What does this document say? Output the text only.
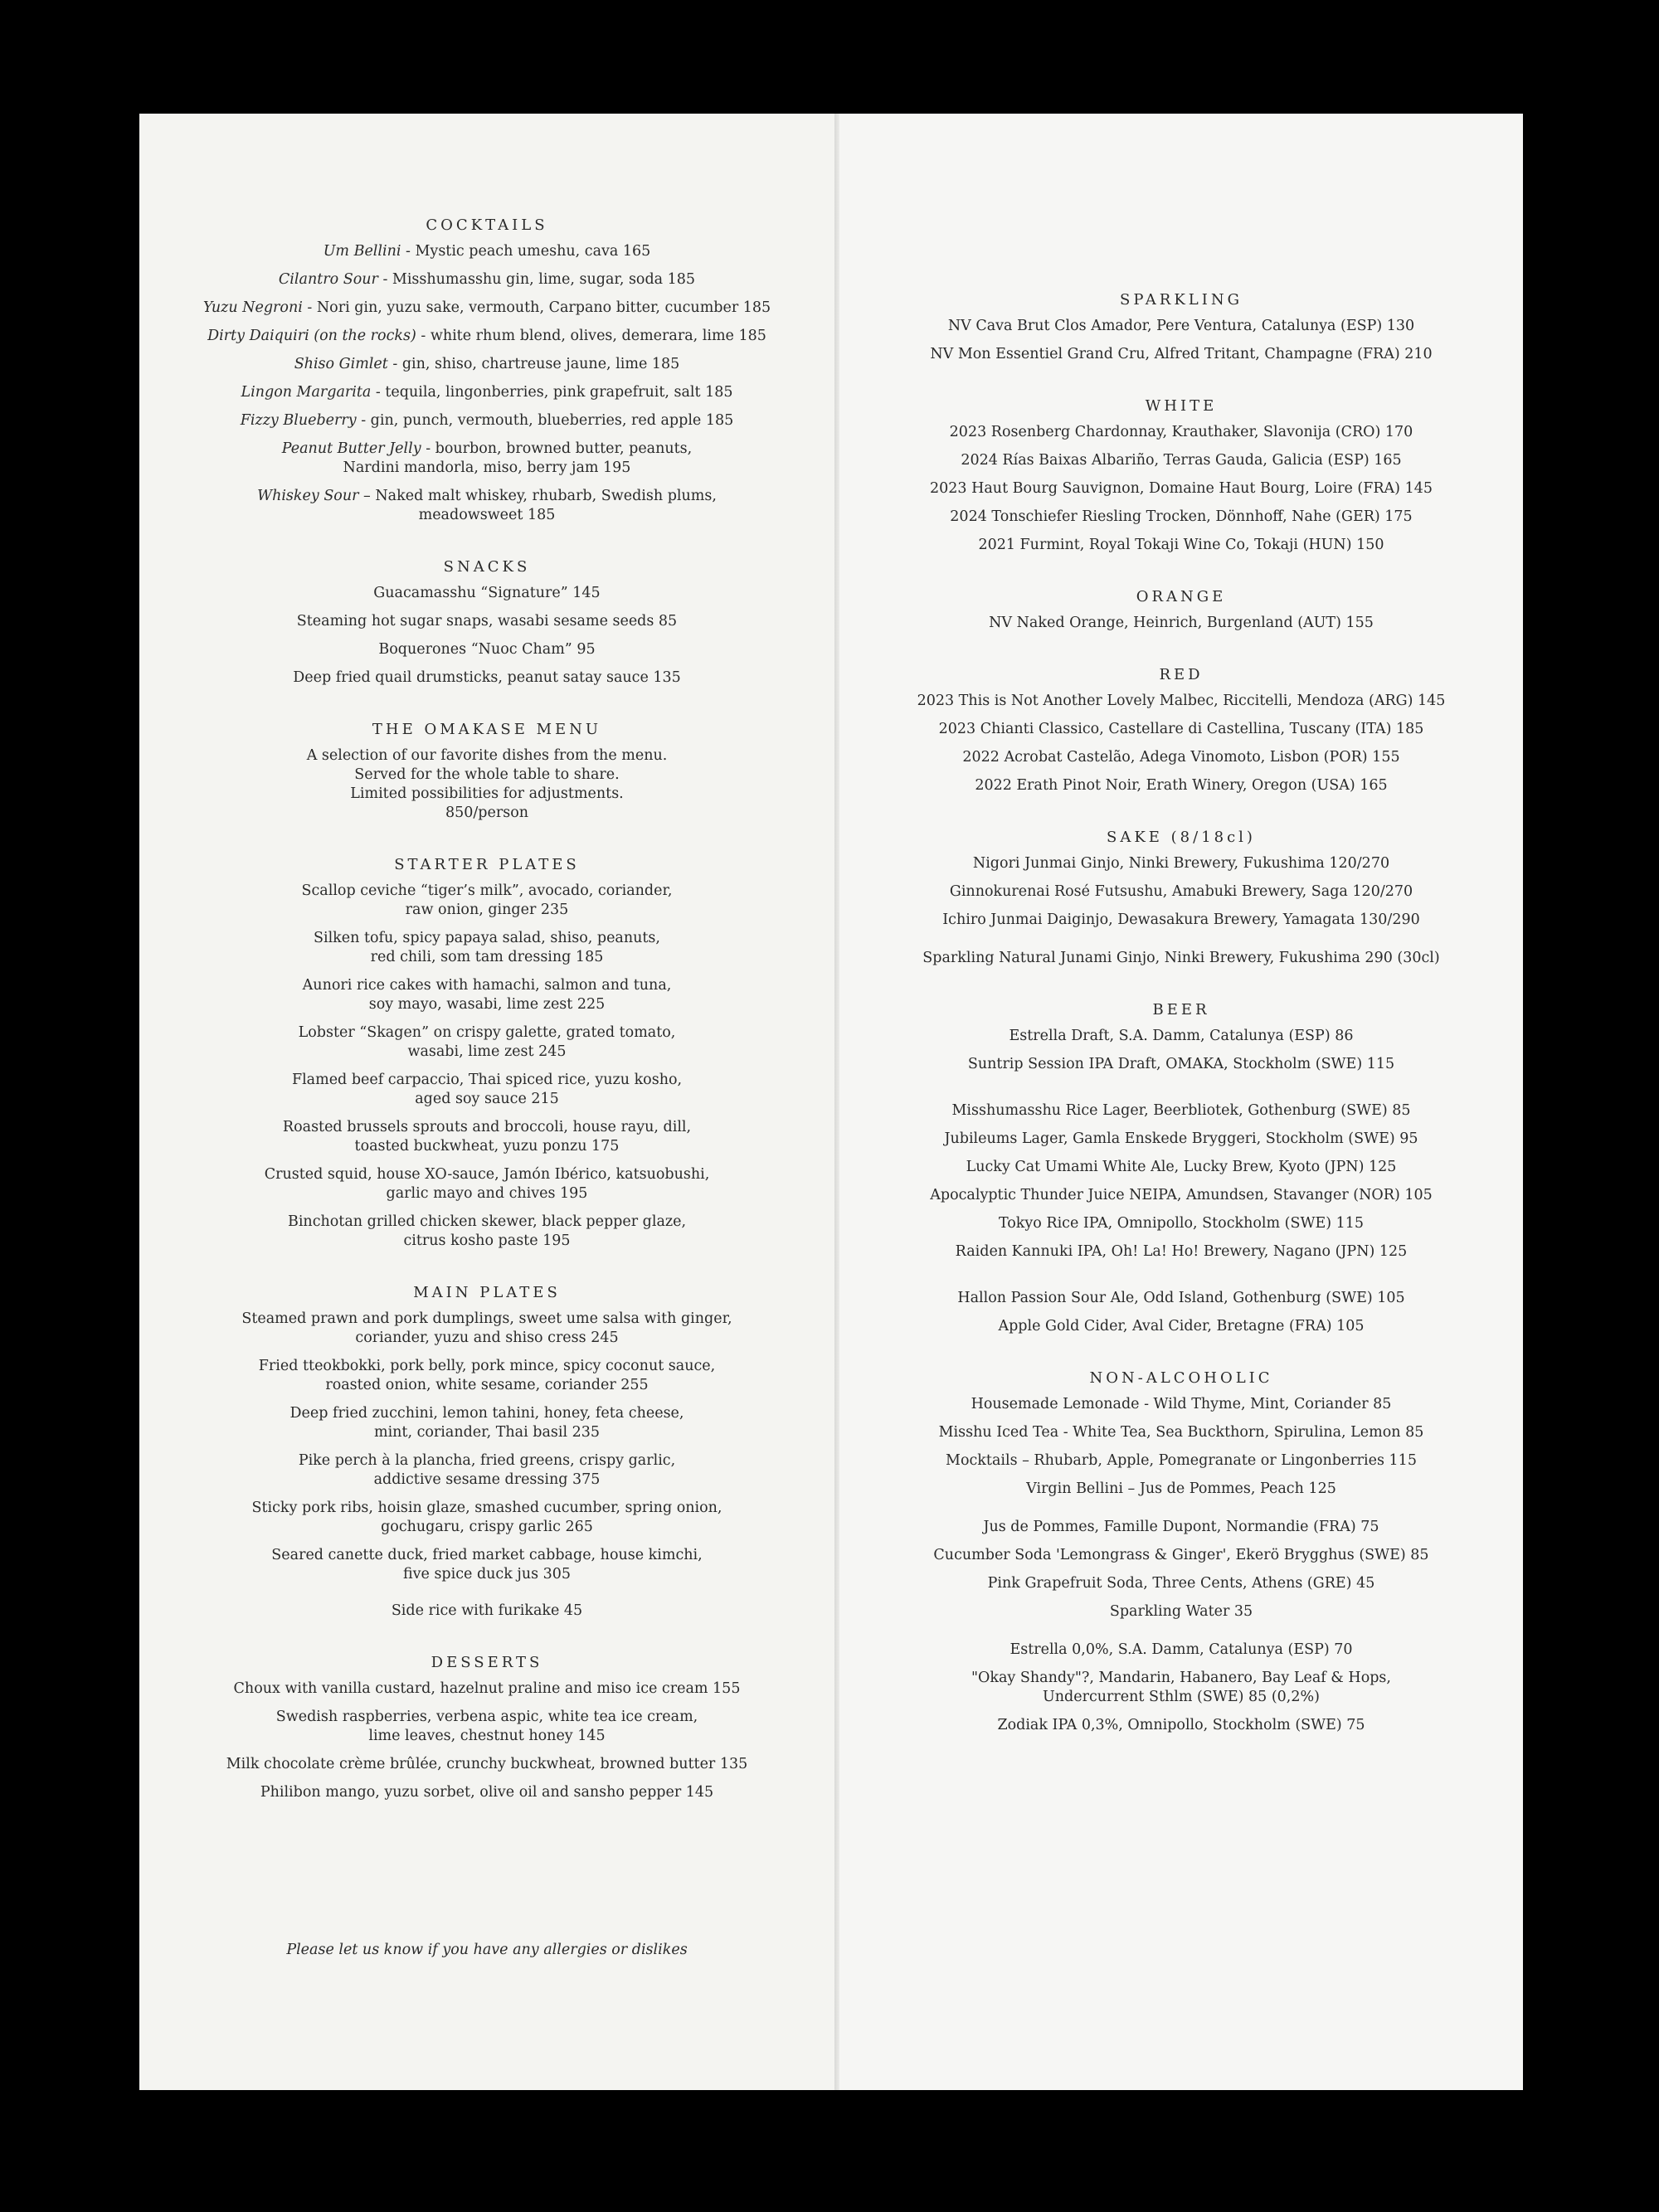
COCKTAILS

Um Bellini - Mystic peach umeshu, cava 165

Cilantro Sour - Misshumasshu gin, lime, sugar, soda 185

Yuzu Negroni - Nori gin, yuzu sake, vermouth, Carpano bitter, cucumber 185

Dirty Daiquiri (on the rocks) - white rhum blend, olives, demerara, lime 185

Shiso Gimlet - gin, shiso, chartreuse jaune, lime 185

Lingon Margarita - tequila, lingonberries, pink grapefruit, salt 185

Fizzy Blueberry - gin, punch, vermouth, blueberries, red apple 185

Peanut Butter Jelly - bourbon, browned butter, peanuts,

Nardini mandorla, miso, berry jam 195

Whiskey Sour – Naked malt whiskey, rhubarb, Swedish plums,

meadowsweet 185

SNACKS

Guacamasshu “Signature” 145

Steaming hot sugar snaps, wasabi sesame seeds 85

Boquerones “Nuoc Cham” 95

Deep fried quail drumsticks, peanut satay sauce 135

THE OMAKASE MENU

A selection of our favorite dishes from the menu.

Served for the whole table to share.

Limited possibilities for adjustments.

850/person

STARTER PLATES

Scallop ceviche “tiger’s milk”, avocado, coriander,

raw onion, ginger 235

Silken tofu, spicy papaya salad, shiso, peanuts,

red chili, som tam dressing 185

Aunori rice cakes with hamachi, salmon and tuna,

soy mayo, wasabi, lime zest 225

Lobster “Skagen” on crispy galette, grated tomato,

wasabi, lime zest 245

Flamed beef carpaccio, Thai spiced rice, yuzu kosho,

aged soy sauce 215

Roasted brussels sprouts and broccoli, house rayu, dill,

toasted buckwheat, yuzu ponzu 175

Crusted squid, house XO-sauce, Jamón Ibérico, katsuobushi,

garlic mayo and chives 195

Binchotan grilled chicken skewer, black pepper glaze,

citrus kosho paste 195

MAIN PLATES

Steamed prawn and pork dumplings, sweet ume salsa with ginger,

coriander, yuzu and shiso cress 245

Fried tteokbokki, pork belly, pork mince, spicy coconut sauce,

roasted onion, white sesame, coriander 255

Deep fried zucchini, lemon tahini, honey, feta cheese,

mint, coriander, Thai basil 235

Pike perch à la plancha, fried greens, crispy garlic,

addictive sesame dressing 375

Sticky pork ribs, hoisin glaze, smashed cucumber, spring onion,

gochugaru, crispy garlic 265

Seared canette duck, fried market cabbage, house kimchi,

five spice duck jus 305

Side rice with furikake 45

DESSERTS

Choux with vanilla custard, hazelnut praline and miso ice cream 155

Swedish raspberries, verbena aspic, white tea ice cream,

lime leaves, chestnut honey 145

Milk chocolate crème brûlée, crunchy buckwheat, browned butter 135

Philibon mango, yuzu sorbet, olive oil and sansho pepper 145

Please let us know if you have any allergies or dislikes
SPARKLING

NV Cava Brut Clos Amador, Pere Ventura, Catalunya (ESP) 130

NV Mon Essentiel Grand Cru, Alfred Tritant, Champagne (FRA) 210

WHITE

2023 Rosenberg Chardonnay, Krauthaker, Slavonija (CRO) 170

2024 Rías Baixas Albariño, Terras Gauda, Galicia (ESP) 165

2023 Haut Bourg Sauvignon, Domaine Haut Bourg, Loire (FRA) 145

2024 Tonschiefer Riesling Trocken, Dönnhoff, Nahe (GER) 175

2021 Furmint, Royal Tokaji Wine Co, Tokaji (HUN) 150

ORANGE

NV Naked Orange, Heinrich, Burgenland (AUT) 155

RED

2023 This is Not Another Lovely Malbec, Riccitelli, Mendoza (ARG) 145

2023 Chianti Classico, Castellare di Castellina, Tuscany (ITA) 185

2022 Acrobat Castelão, Adega Vinomoto, Lisbon (POR) 155

2022 Erath Pinot Noir, Erath Winery, Oregon (USA) 165

SAKE (8/18cl)

Nigori Junmai Ginjo, Ninki Brewery, Fukushima 120/270

Ginnokurenai Rosé Futsushu, Amabuki Brewery, Saga 120/270

Ichiro Junmai Daiginjo, Dewasakura Brewery, Yamagata 130/290

Sparkling Natural Junami Ginjo, Ninki Brewery, Fukushima 290 (30cl)

BEER

Estrella Draft, S.A. Damm, Catalunya (ESP) 86

Suntrip Session IPA Draft, OMAKA, Stockholm (SWE) 115

Misshumasshu Rice Lager, Beerbliotek, Gothenburg (SWE) 85

Jubileums Lager, Gamla Enskede Bryggeri, Stockholm (SWE) 95

Lucky Cat Umami White Ale, Lucky Brew, Kyoto (JPN) 125

Apocalyptic Thunder Juice NEIPA, Amundsen, Stavanger (NOR) 105

Tokyo Rice IPA, Omnipollo, Stockholm (SWE) 115

Raiden Kannuki IPA, Oh! La! Ho! Brewery, Nagano (JPN) 125

Hallon Passion Sour Ale, Odd Island, Gothenburg (SWE) 105

Apple Gold Cider, Aval Cider, Bretagne (FRA) 105

NON-ALCOHOLIC

Housemade Lemonade - Wild Thyme, Mint, Coriander 85

Misshu Iced Tea - White Tea, Sea Buckthorn, Spirulina, Lemon 85

Mocktails – Rhubarb, Apple, Pomegranate or Lingonberries 115

Virgin Bellini – Jus de Pommes, Peach 125

Jus de Pommes, Famille Dupont, Normandie (FRA) 75

Cucumber Soda 'Lemongrass & Ginger', Ekerö Brygghus (SWE) 85

Pink Grapefruit Soda, Three Cents, Athens (GRE) 45

Sparkling Water 35

Estrella 0,0%, S.A. Damm, Catalunya (ESP) 70

"Okay Shandy"?, Mandarin, Habanero, Bay Leaf & Hops,

Undercurrent Sthlm (SWE) 85 (0,2%)

Zodiak IPA 0,3%, Omnipollo, Stockholm (SWE) 75
